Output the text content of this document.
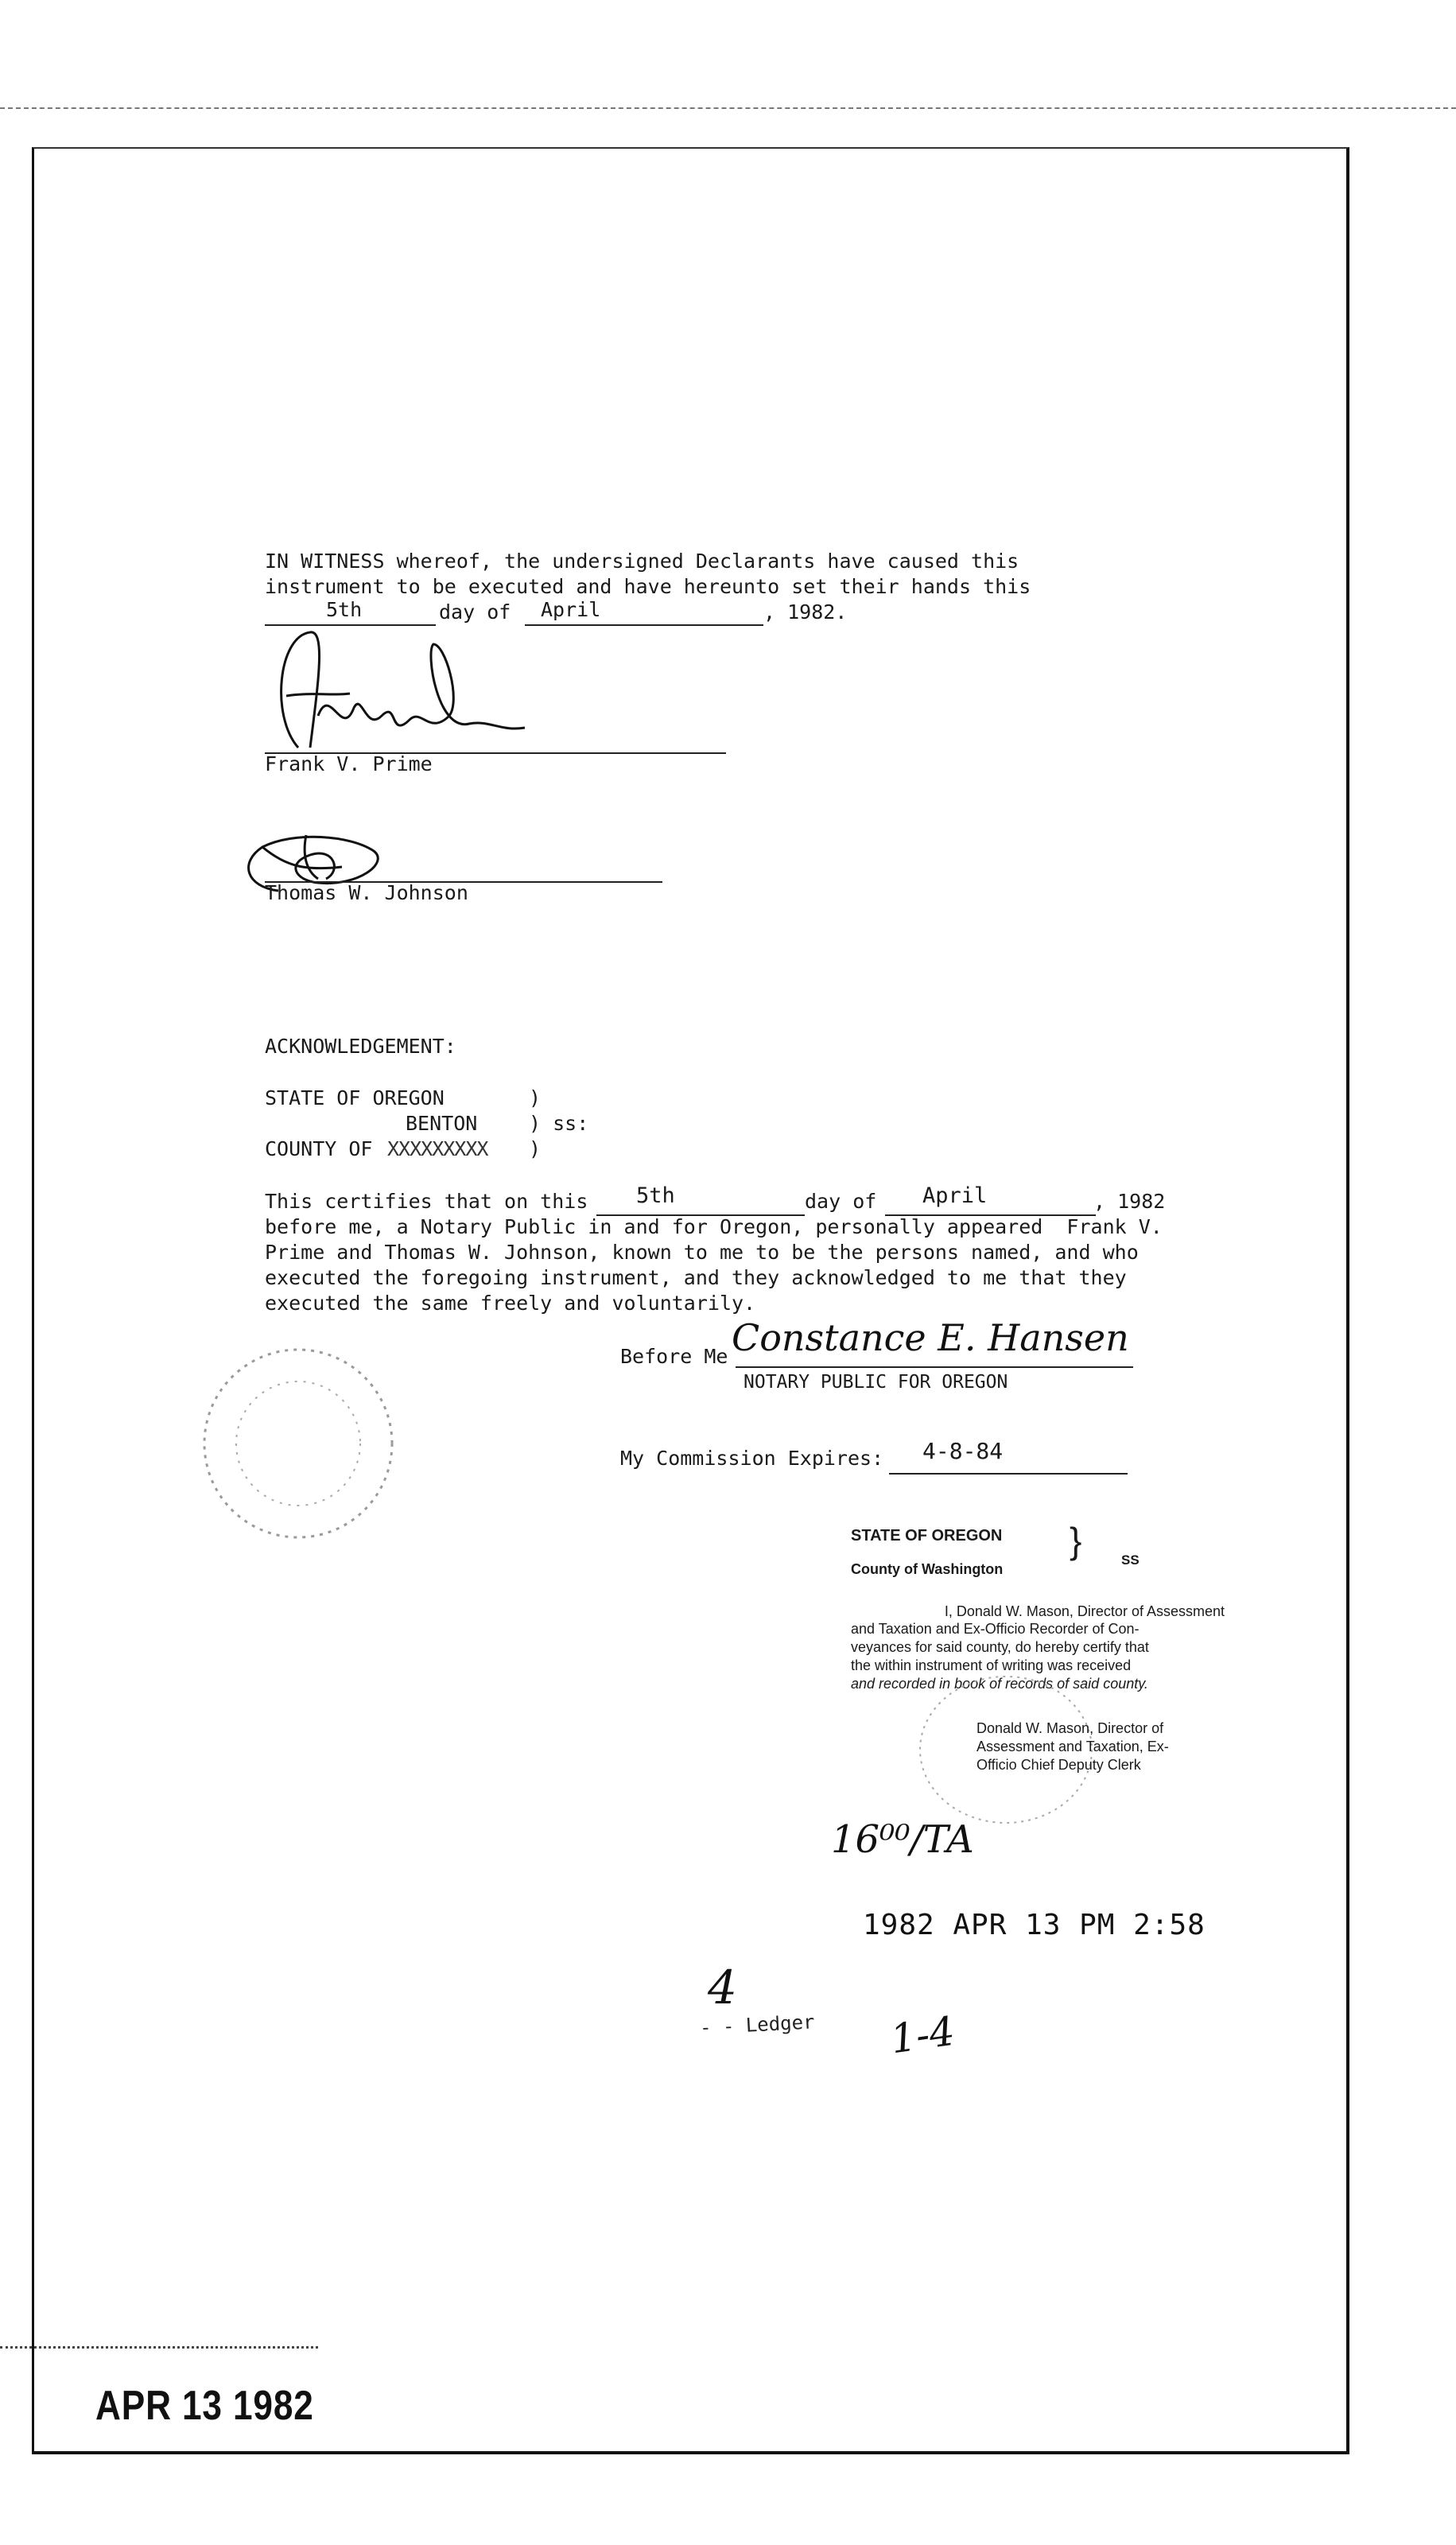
IN WITNESS whereof, the undersigned Declarants have caused this
instrument to be executed and have hereunto set their hands this
5th	day of April	, 1982.
Frank V. Prime
Thomas W. Johnson
ACKNOWLEDGEMENT:
STATE OF OREGON	)
BENTON	) ss:
COUNTY OF XXXXXXXXX )
This certifies that on this 5th	day of April	, 1982
before me, a Notary Public in and for Oregon, personally appeared  Frank V.
Prime and Thomas W. Johnson, known to me to be the persons named, and who
executed the foregoing instrument, and they acknowledged to me that they
executed the same freely and voluntarily.
Before Me Constance E. Hansen
NOTARY PUBLIC FOR OREGON
My Commission Expires: 4-8-84
STATE OF OREGON }
County of Washington
SS
I, Donald W. Mason, Director of Assessment
and Taxation and Ex-Officio Recorder of Con-
veyances for said county, do hereby certify that
the within instrument of writing was received
and recorded in book of records of said county.
Donald W. Mason, Director of
Assessment and Taxation, Ex-
Officio Chief Deputy Clerk
16⁰⁰/TA
1982 APR 13 PM 2:58
4
- - Ledger 1-4
APR 13 1982
